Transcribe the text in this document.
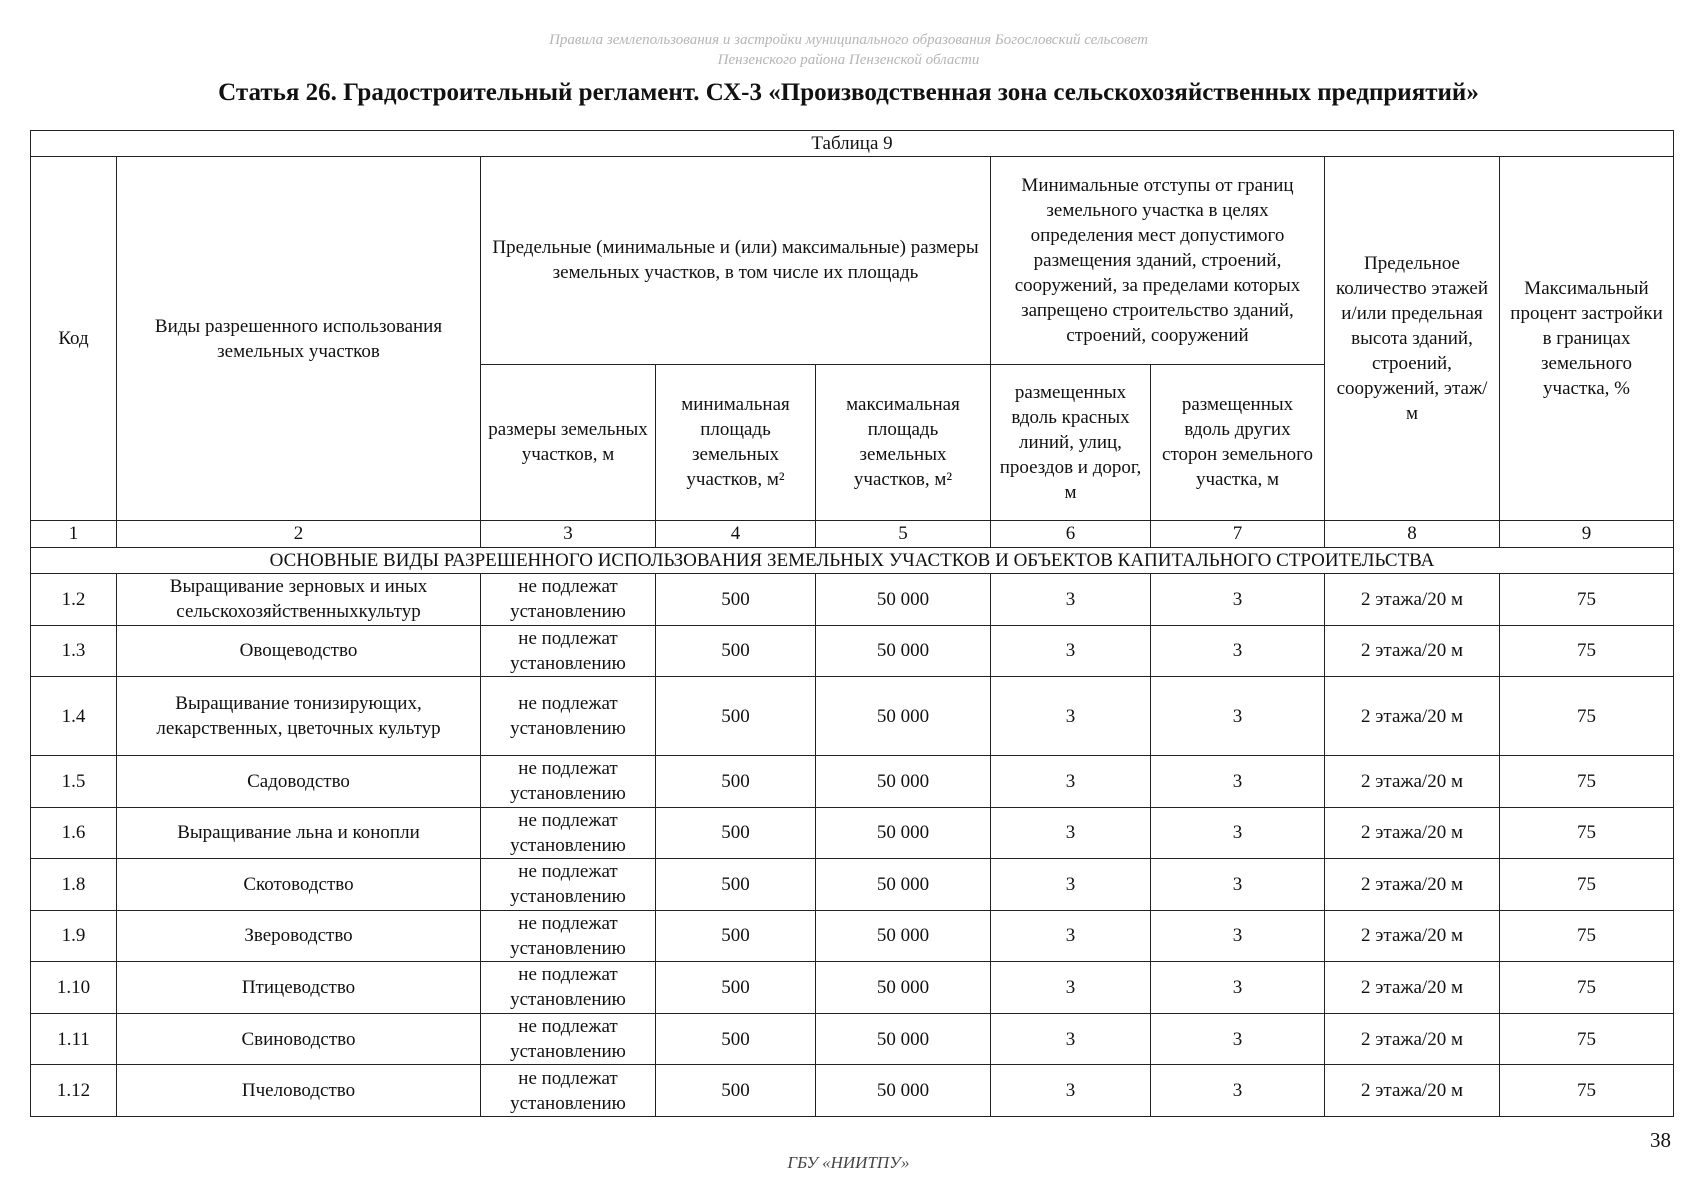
Правила землепользования и застройки муниципального образования Богословский сельсовет
Пензенского района Пензенской области
Статья 26. Градостроительный регламент. СХ-3 «Производственная зона сельскохозяйственных предприятий»
Таблица 9								
Код	Виды разрешенного использования земельных участков	Предельные (минимальные и (или) максимальные) размеры земельных участков, в том числе их площадь			Минимальные отступы от границ земельного участка в целях определения мест допустимого размещения зданий, строений, сооружений, за пределами которых запрещено строительство зданий, строений, сооружений		Предельное количество этажей и/или предельная высота зданий, строений, сооружений, этаж/м	Максимальный процент застройки в границах земельного участка, %
		размеры земельных участков, м	минимальная площадь земельных участков, м²	максимальная площадь земельных участков, м²	размещенных вдоль красных линий, улиц, проездов и дорог, м	размещенных вдоль других сторон земельного участка, м		
1	2	3	4	5	6	7	8	9
ОСНОВНЫЕ ВИДЫ РАЗРЕШЕННОГО ИСПОЛЬЗОВАНИЯ ЗЕМЕЛЬНЫХ УЧАСТКОВ И ОБЪЕКТОВ КАПИТАЛЬНОГО СТРОИТЕЛЬСТВА								
1.2	Выращивание зерновых и иных сельскохозяйственныхкультур	не подлежат установлению	500	50 000	3	3	2 этажа/20 м	75
1.3	Овощеводство	не подлежат установлению	500	50 000	3	3	2 этажа/20 м	75
1.4	Выращивание тонизирующих, лекарственных, цветочных культур	не подлежат установлению	500	50 000	3	3	2 этажа/20 м	75
1.5	Садоводство	не подлежат установлению	500	50 000	3	3	2 этажа/20 м	75
1.6	Выращивание льна и конопли	не подлежат установлению	500	50 000	3	3	2 этажа/20 м	75
1.8	Скотоводство	не подлежат установлению	500	50 000	3	3	2 этажа/20 м	75
1.9	Звероводство	не подлежат установлению	500	50 000	3	3	2 этажа/20 м	75
1.10	Птицеводство	не подлежат установлению	500	50 000	3	3	2 этажа/20 м	75
1.11	Свиноводство	не подлежат установлению	500	50 000	3	3	2 этажа/20 м	75
1.12	Пчеловодство	не подлежат установлению	500	50 000	3	3	2 этажа/20 м	75
38
ГБУ «НИИТПУ»
